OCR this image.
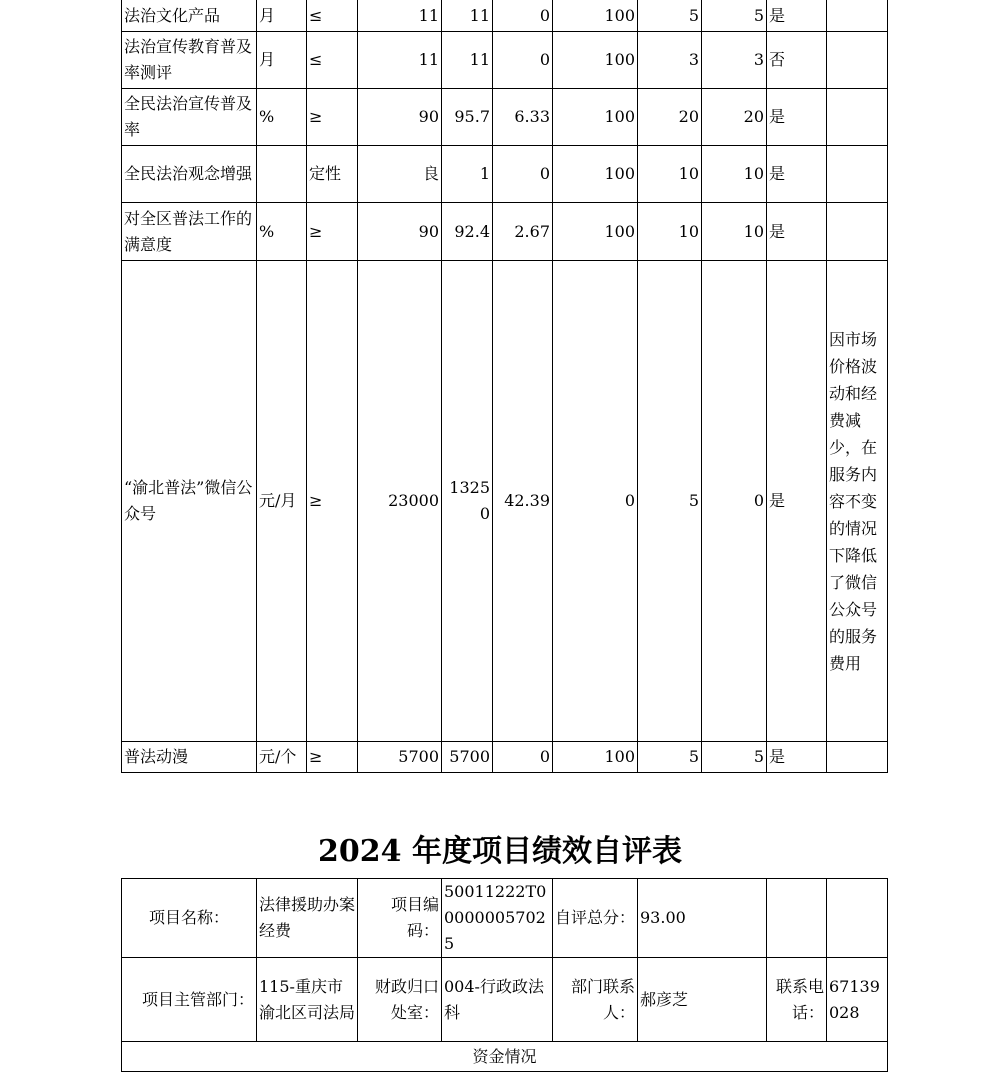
法治文化产品	月	≤	11	11	0	100	5	5	是	
法治宣传教育普及率测评	月	≤	11	11	0	100	3	3	否	
全民法治宣传普及率	%	≥	90	95.7	6.33	100	20	20	是	
全民法治观念增强		定性	良	1	0	100	10	10	是	
对全区普法工作的满意度	%	≥	90	92.4	2.67	100	10	10	是	
“渝北普法”微信公众号	元/月	≥	23000	13250	42.39	0	5	0	是	因市场价格波动和经费减少，在服务内容不变的情况下降低了微信公众号的服务费用
普法动漫	元/个	≥	5700	5700	0	100	5	5	是	
2024 年度项目绩效自评表
项目名称：	法律援助办案经费	项目编码：	50011222T000000057025	自评总分：	93.00		
项目主管部门：	115-重庆市渝北区司法局	财政归口处室：	004-行政政法科	部门联系人：	郝彦芝	联系电话：	67139028
资金情况							
